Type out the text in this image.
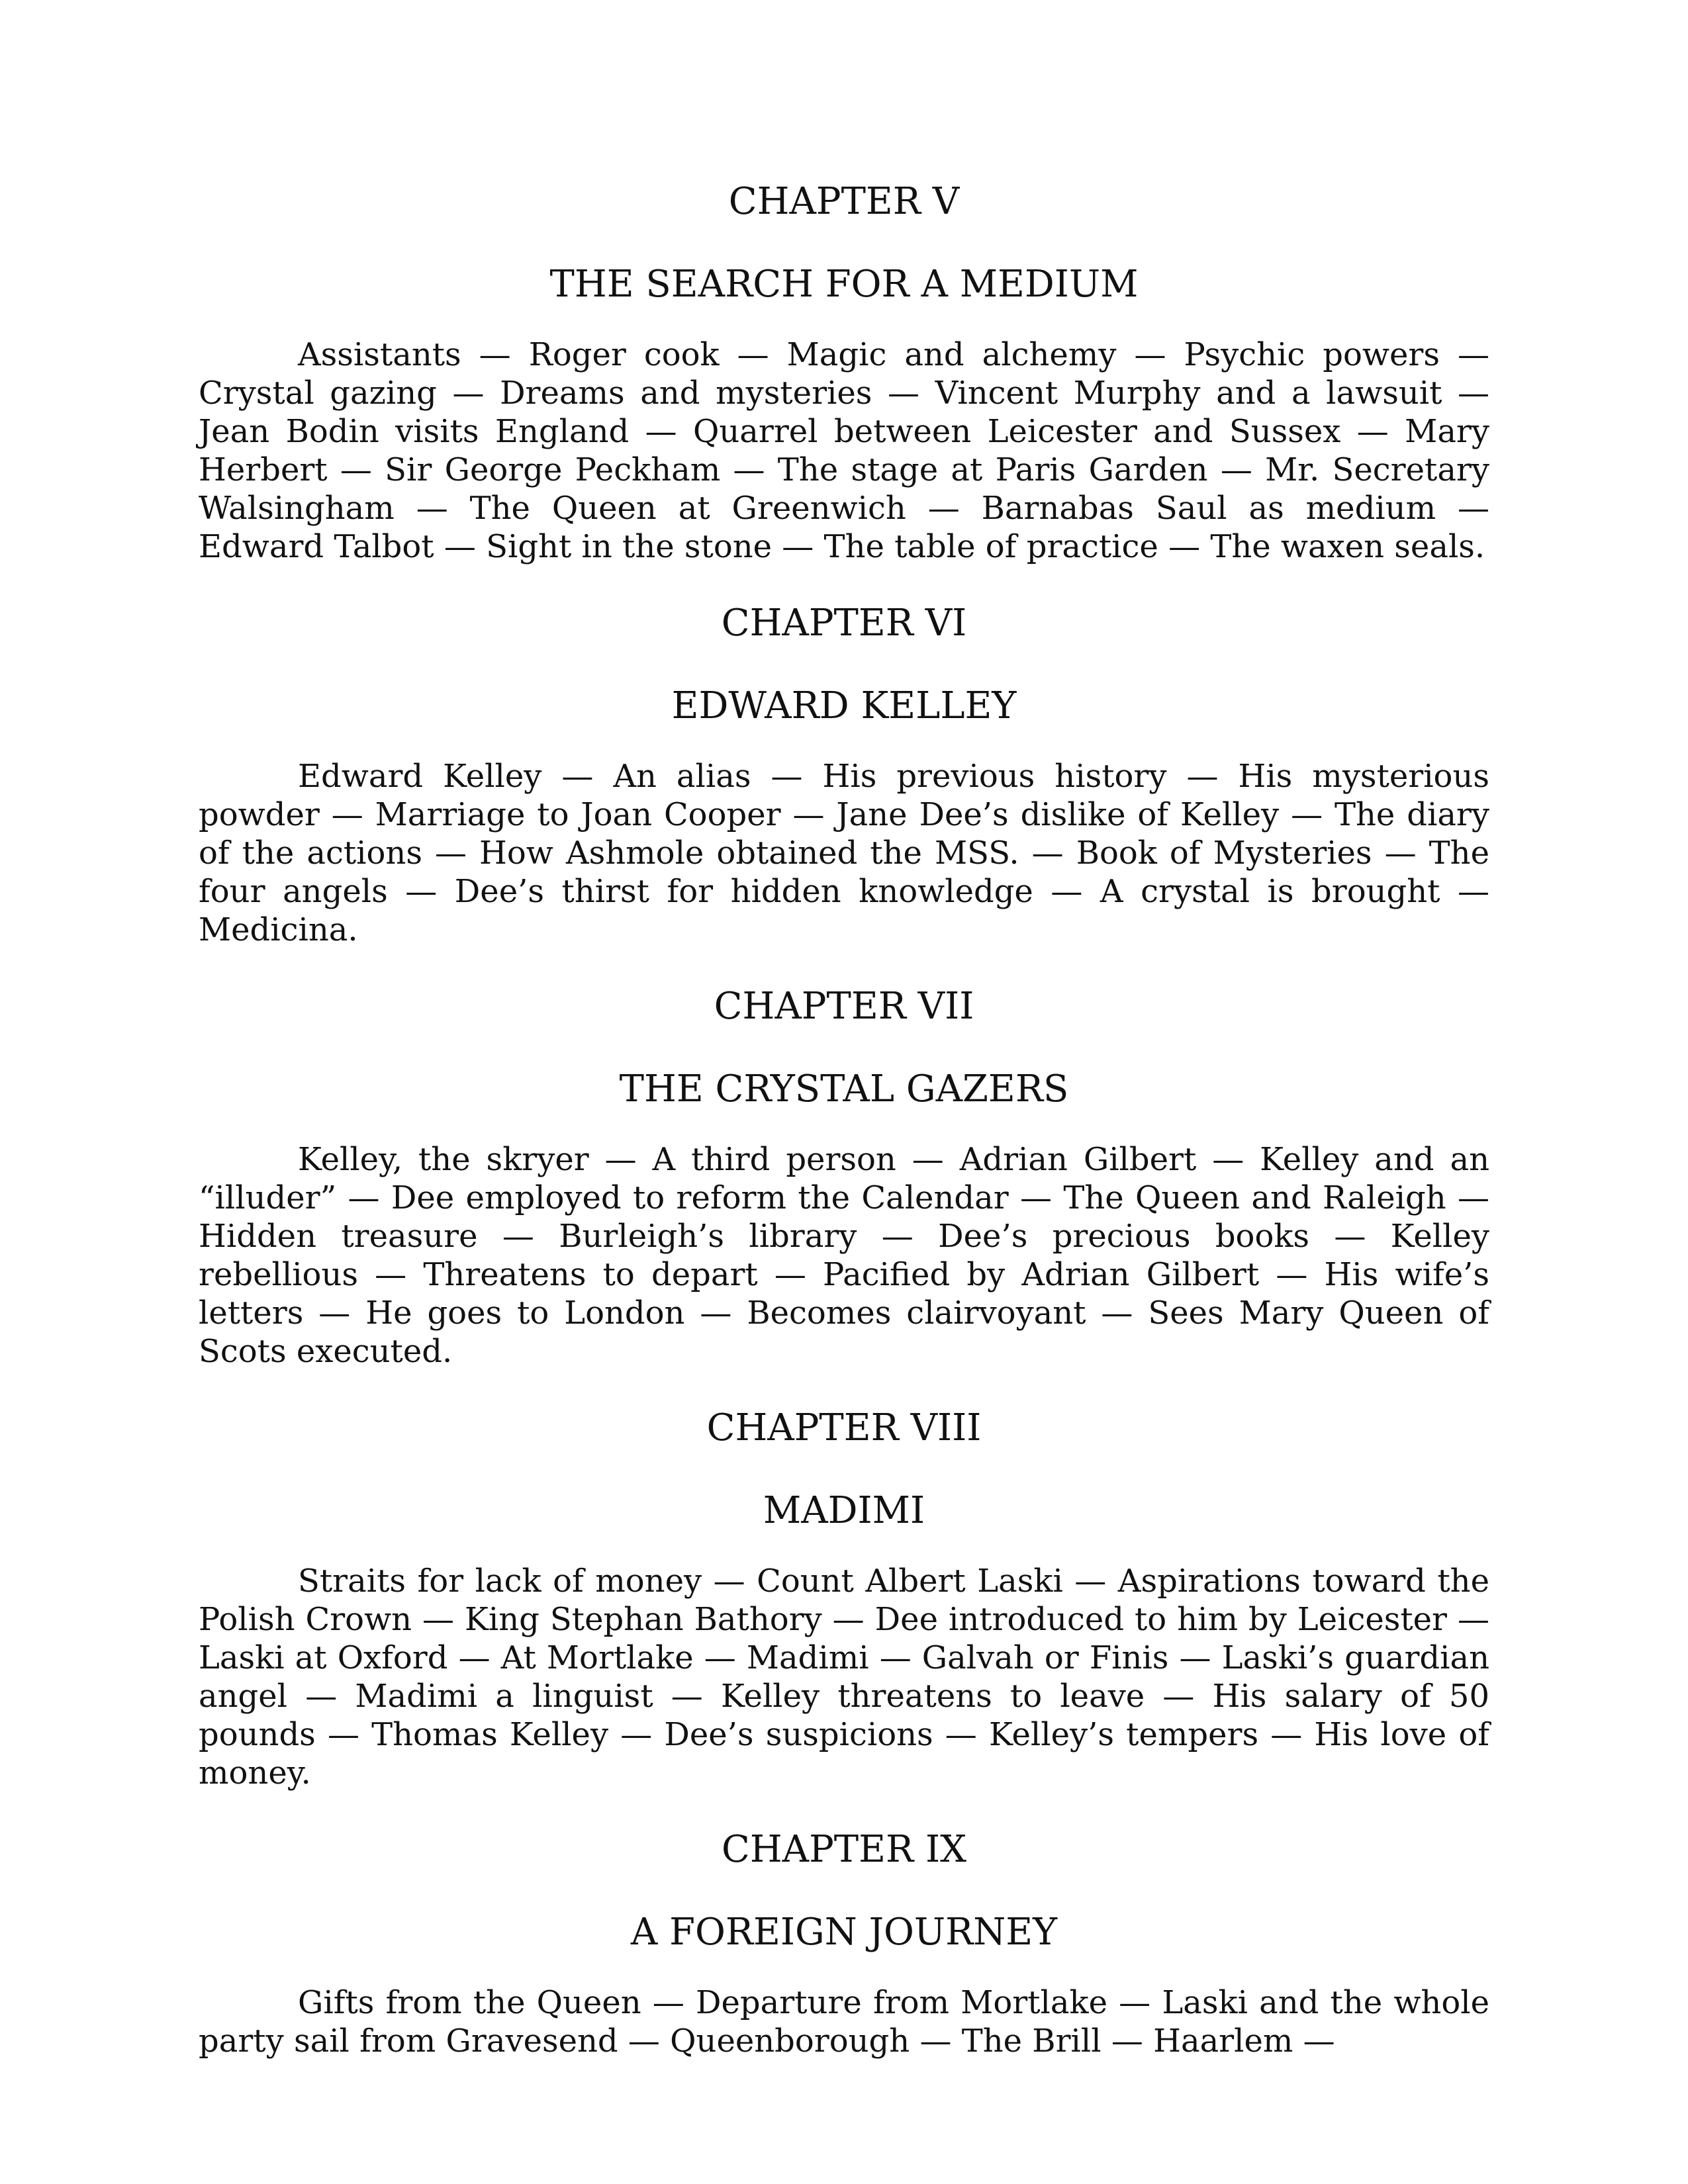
CHAPTER V
THE SEARCH FOR A MEDIUM

Assistants — Roger cook — Magic and alchemy — Psychic powers — Crystal gazing — Dreams and mysteries — Vincent Murphy and a lawsuit — Jean Bodin visits England — Quarrel between Leicester and Sussex — Mary Herbert — Sir George Peckham — The stage at Paris Garden — Mr. Secretary Walsingham — The Queen at Greenwich — Barnabas Saul as medium — Edward Talbot — Sight in the stone — The table of practice — The waxen seals.

CHAPTER VI
EDWARD KELLEY

Edward Kelley — An alias — His previous history — His mysterious powder — Marriage to Joan Cooper — Jane Dee’s dislike of Kelley — The diary of the actions — How Ashmole obtained the MSS. — Book of Mysteries — The four angels — Dee’s thirst for hidden knowledge — A crystal is brought — Medicina.

CHAPTER VII
THE CRYSTAL GAZERS

Kelley, the skryer — A third person — Adrian Gilbert — Kelley and an “illuder” — Dee employed to reform the Calendar — The Queen and Raleigh — Hidden treasure — Burleigh’s library — Dee’s precious books — Kelley rebellious — Threatens to depart — Pacified by Adrian Gilbert — His wife’s letters — He goes to London — Becomes clairvoyant — Sees Mary Queen of Scots executed.

CHAPTER VIII
MADIMI

Straits for lack of money — Count Albert Laski — Aspirations toward the Polish Crown — King Stephan Bathory — Dee introduced to him by Leicester — Laski at Oxford — At Mortlake — Madimi — Galvah or Finis — Laski’s guardian angel — Madimi a linguist — Kelley threatens to leave — His salary of 50 pounds — Thomas Kelley — Dee’s suspicions — Kelley’s tempers — His love of money.

CHAPTER IX
A FOREIGN JOURNEY

Gifts from the Queen — Departure from Mortlake — Laski and the whole party sail from Gravesend — Queenborough — The Brill — Haarlem —
